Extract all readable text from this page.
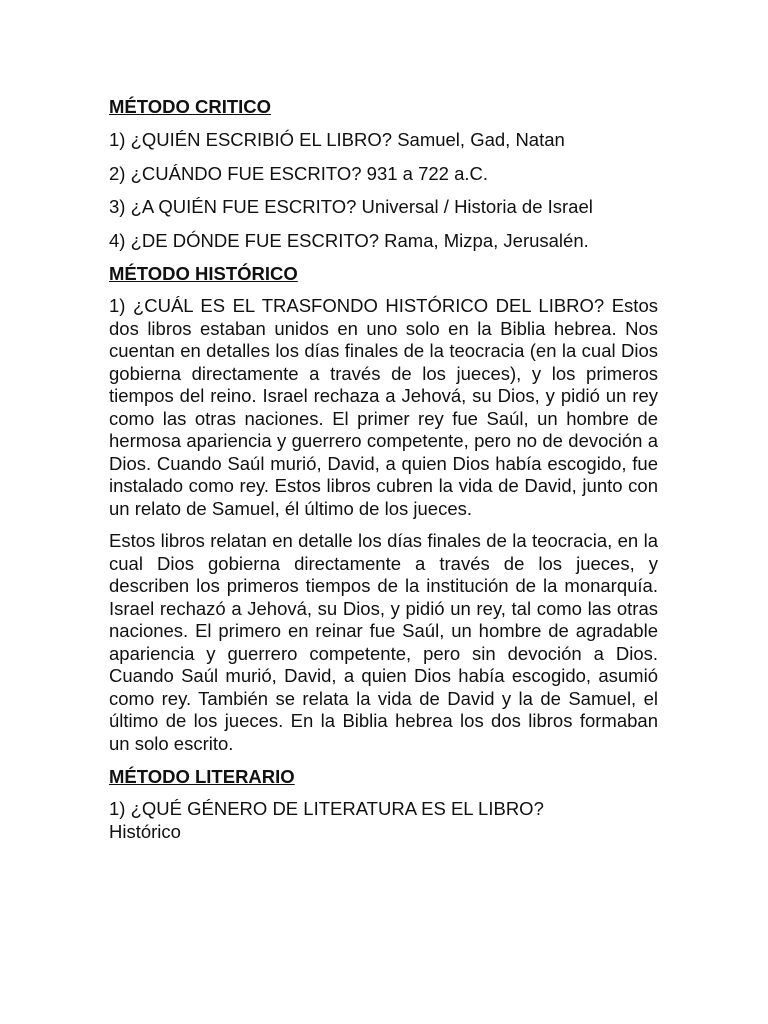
MÉTODO CRITICO
1) ¿QUIÉN ESCRIBIÓ EL LIBRO? Samuel, Gad, Natan
2) ¿CUÁNDO FUE ESCRITO? 931 a 722 a.C.
3) ¿A QUIÉN FUE ESCRITO? Universal / Historia de Israel
4) ¿DE DÓNDE FUE ESCRITO? Rama, Mizpa, Jerusalén.
MÉTODO HISTÓRICO

1) ¿CUÁL ES EL TRASFONDO HISTÓRICO DEL LIBRO? Estos dos libros estaban unidos en uno solo en la Biblia hebrea. Nos cuentan en detalles los días finales de la teocracia (en la cual Dios gobierna directamente a través de los jueces), y los primeros tiempos del reino. Israel rechaza a Jehová, su Dios, y pidió un rey como las otras naciones. El primer rey fue Saúl, un hombre de hermosa apariencia y guerrero competente, pero no de devoción a Dios. Cuando Saúl murió, David, a quien Dios había escogido, fue instalado como rey. Estos libros cubren la vida de David, junto con un relato de Samuel, él último de los jueces.

Estos libros relatan en detalle los días finales de la teocracia, en la cual Dios gobierna directamente a través de los jueces, y describen los primeros tiempos de la institución de la monarquía. Israel rechazó a Jehová, su Dios, y pidió un rey, tal como las otras naciones. El primero en reinar fue Saúl, un hombre de agradable apariencia y guerrero competente, pero sin devoción a Dios. Cuando Saúl murió, David, a quien Dios había escogido, asumió como rey. También se relata la vida de David y la de Samuel, el último de los jueces. En la Biblia hebrea los dos libros formaban un solo escrito.

MÉTODO LITERARIO

1) ¿QUÉ GÉNERO DE LITERATURA ES EL LIBRO?
Histórico
